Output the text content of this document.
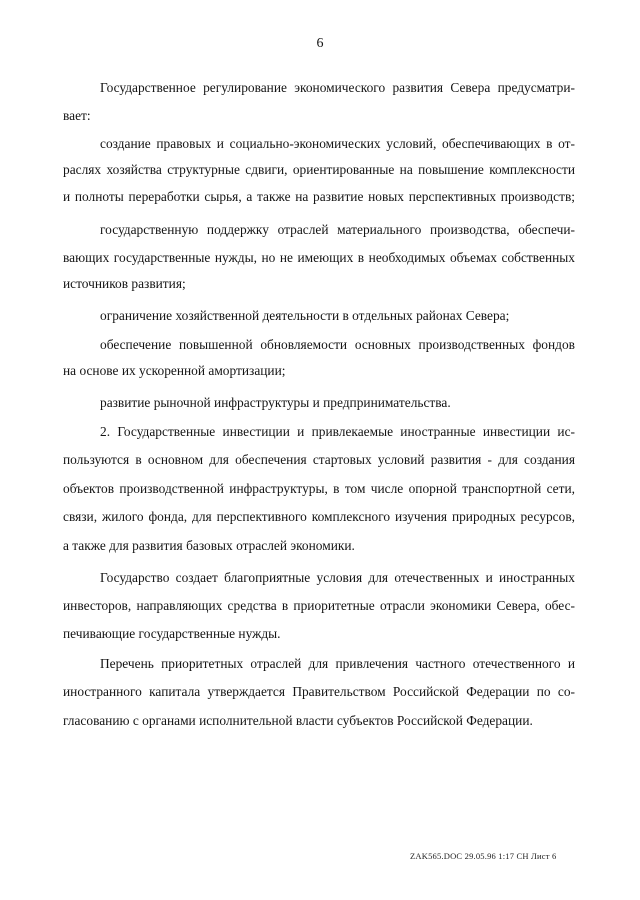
6
Государственное регулирование экономического развития Севера предусматри-
вает:
создание правовых и социально-экономических условий, обеспечивающих в от-
раслях хозяйства структурные сдвиги, ориентированные на повышение комплексности
и полноты переработки сырья, а также на развитие новых перспективных производств;
государственную поддержку отраслей материального производства, обеспечи-
вающих государственные нужды, но не имеющих в необходимых объемах собственных
источников развития;
ограничение хозяйственной деятельности в отдельных районах Севера;
обеспечение повышенной обновляемости основных производственных фондов
на основе их ускоренной амортизации;
развитие рыночной инфраструктуры и предпринимательства.
2. Государственные инвестиции и привлекаемые иностранные инвестиции ис-
пользуются в основном для обеспечения стартовых условий развития - для создания
объектов производственной инфраструктуры, в том числе опорной транспортной сети,
связи, жилого фонда, для перспективного комплексного изучения природных ресурсов,
а также для развития базовых отраслей экономики.
Государство создает благоприятные условия для отечественных и иностранных
инвесторов, направляющих средства в приоритетные отрасли экономики Севера, обес-
печивающие государственные нужды.
Перечень приоритетных отраслей для привлечения частного отечественного и
иностранного капитала утверждается Правительством Российской Федерации по со-
гласованию с органами исполнительной власти субъектов Российской Федерации.
ZAK565.DOC 29.05.96 1:17 CH Лист 6
